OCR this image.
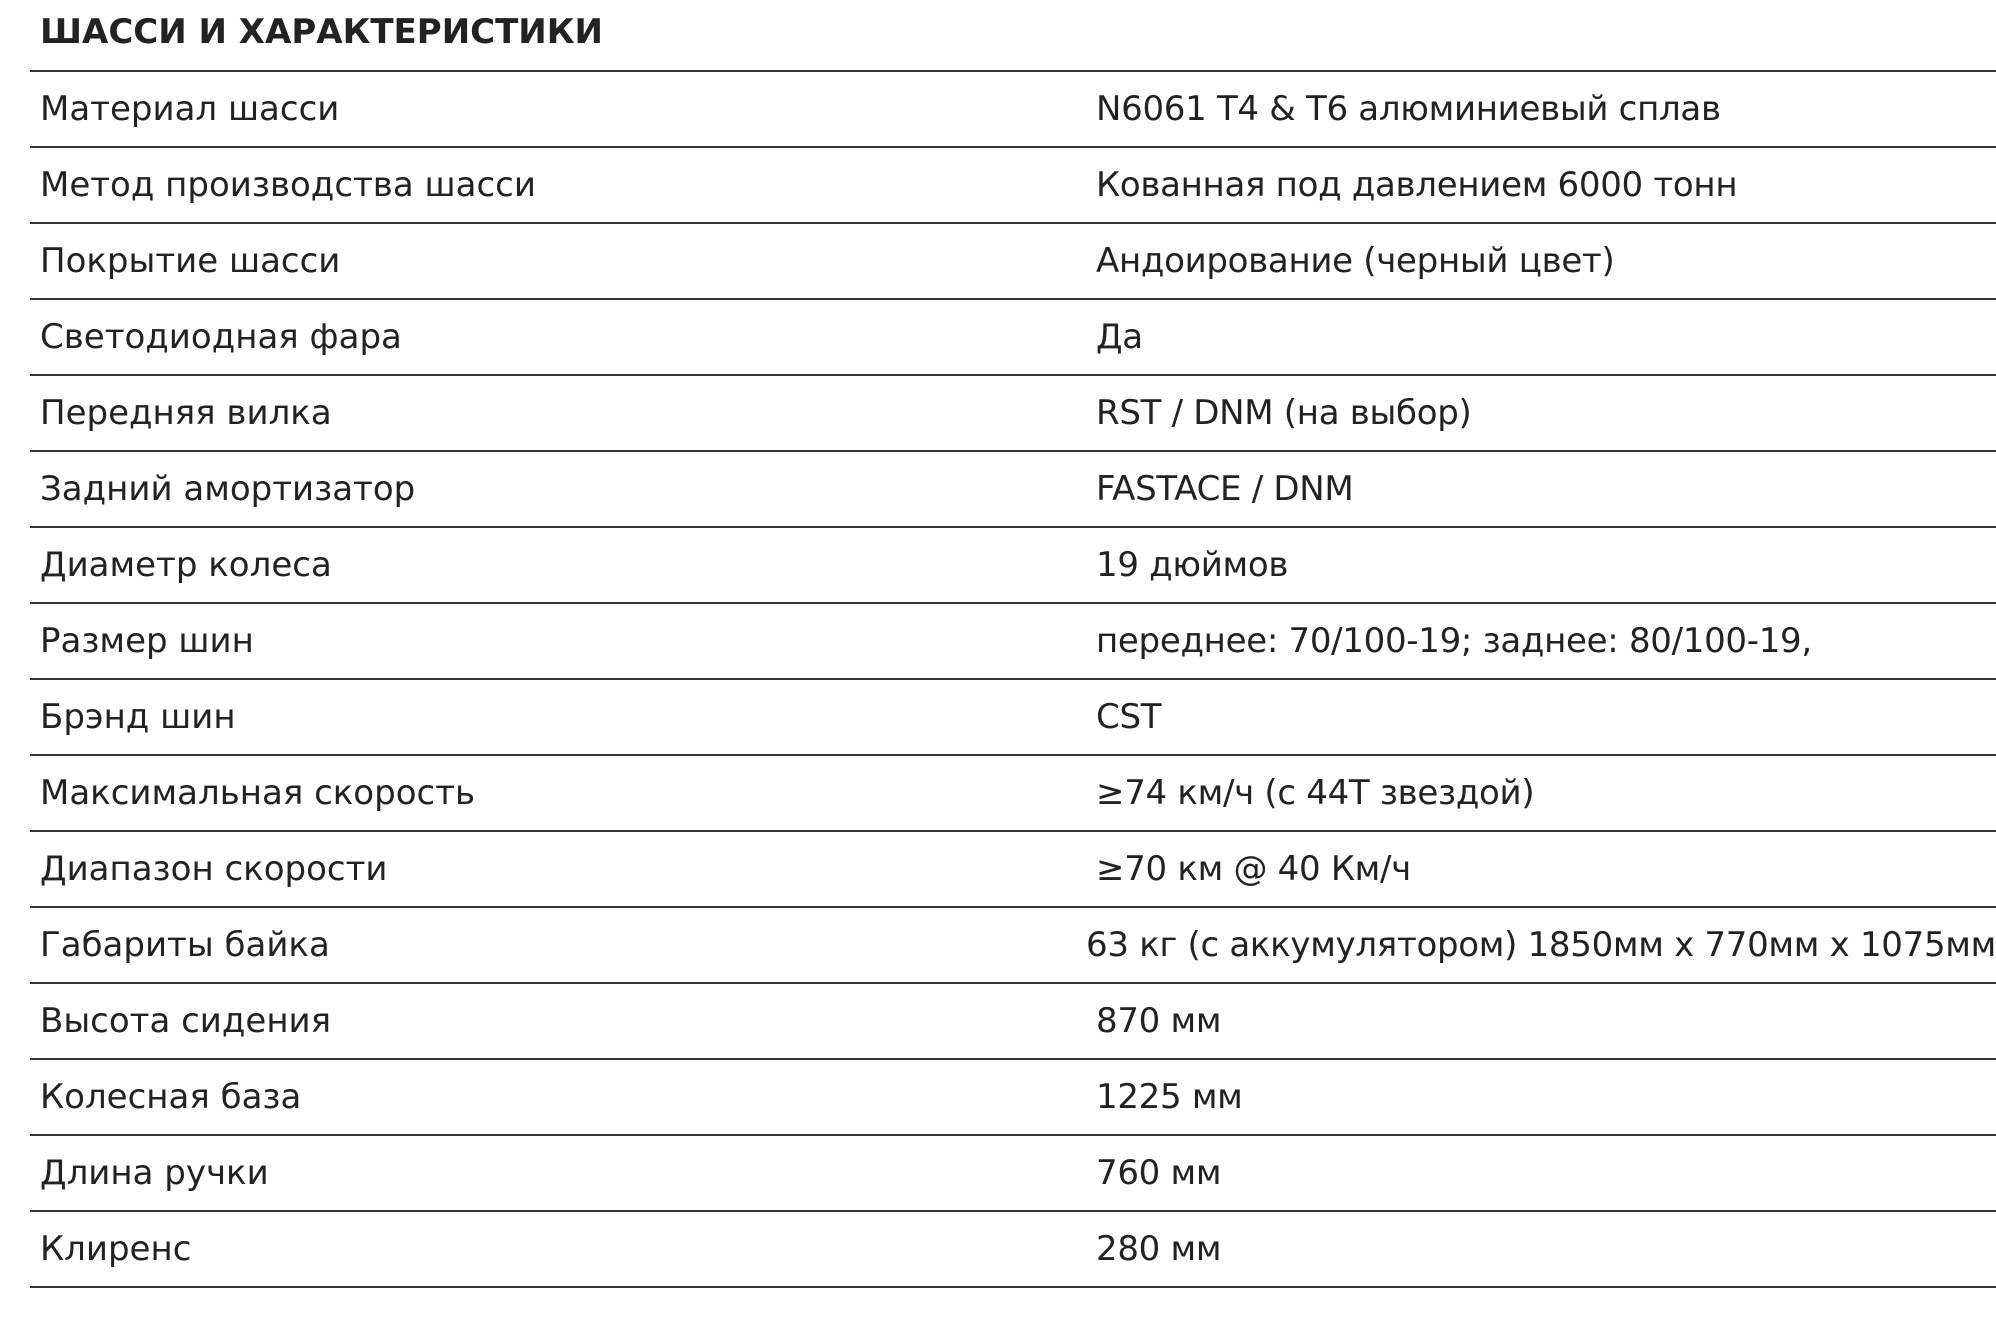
ШАССИ И ХАРАКТЕРИСТИКИ
Материал шасси	N6061 T4 & T6 алюминиевый сплав
Метод производства шасси	Кованная под давлением 6000 тонн
Покрытие шасси	Андоирование (черный цвет)
Светодиодная фара	Да
Передняя вилка	RST / DNM (на выбор)
Задний амортизатор	FASTACE / DNM
Диаметр колеса	19 дюймов
Размер шин	переднее: 70/100-19; заднее: 80/100-19,
Брэнд шин	CST
Максимальная скорость	≥74 км/ч (с 44T звездой)
Диапазон скорости	≥70 км @ 40 Км/ч
Габариты байка	63 кг (с аккумулятором) 1850мм x 770мм x 1075мм
Высота сидения	870 мм
Колесная база	1225 мм
Длина ручки	760 мм
Клиренс	280 мм
